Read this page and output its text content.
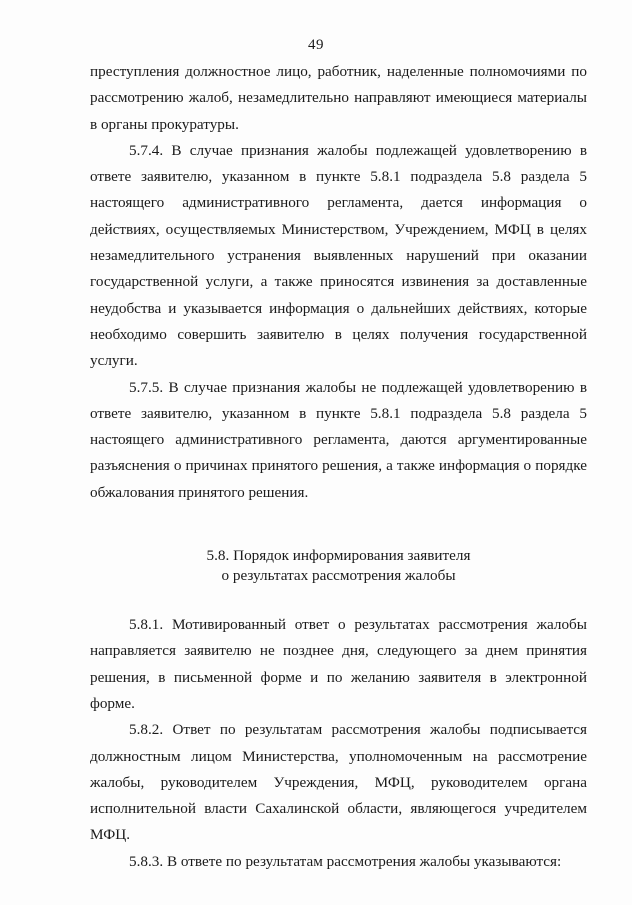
49

преступления должностное лицо, работник, наделенные полномочиями по рассмотрению жалоб, незамедлительно направляют имеющиеся материалы в органы прокуратуры.

5.7.4. В случае признания жалобы подлежащей удовлетворению в ответе заявителю, указанном в пункте 5.8.1 подраздела 5.8 раздела 5 настоящего административного регламента, дается информация о действиях, осуществляемых Министерством, Учреждением, МФЦ в целях незамедлительного устранения выявленных нарушений при оказании государственной услуги, а также приносятся извинения за доставленные неудобства и указывается информация о дальнейших действиях, которые необходимо совершить заявителю в целях получения государственной услуги.

5.7.5. В случае признания жалобы не подлежащей удовлетворению в ответе заявителю, указанном в пункте 5.8.1 подраздела 5.8 раздела 5 настоящего административного регламента, даются аргументированные разъяснения о причинах принятого решения, а также информация о порядке обжалования принятого решения.

5.8. Порядок информирования заявителя
о результатах рассмотрения жалобы

5.8.1. Мотивированный ответ о результатах рассмотрения жалобы направляется заявителю не позднее дня, следующего за днем принятия решения, в письменной форме и по желанию заявителя в электронной форме.

5.8.2. Ответ по результатам рассмотрения жалобы подписывается должностным лицом Министерства, уполномоченным на рассмотрение жалобы, руководителем Учреждения, МФЦ, руководителем органа исполнительной власти Сахалинской области, являющегося учредителем МФЦ.

5.8.3. В ответе по результатам рассмотрения жалобы указываются:
